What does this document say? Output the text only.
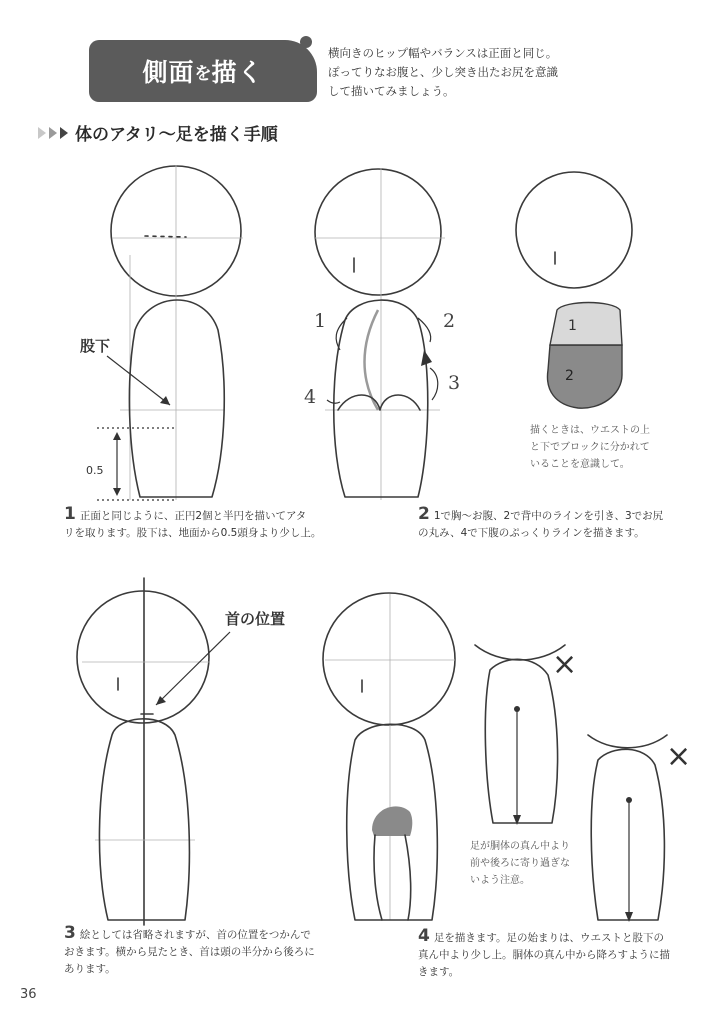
側面 を 描く
横向きのヒップ幅やバランスは正面と同じ。
ぽってりなお腹と、少し突き出たお尻を意識
して描いてみましょう。
体のアタリ～足を描く手順
股下
0.5
1	2
3
4
1
2
描くときは、ウエストの上
と下でブロックに分かれて
いることを意識して。
首の位置
×
×
足が胴体の真ん中より
前や後ろに寄り過ぎな
いよう注意。
1 正面と同じように、正円2個と半円を描いてアタ
リを取ります。股下は、地面から0.5頭身より少し上。
2 1で胸～お腹、2で背中のラインを引き、3でお尻
の丸み、4で下腹のぷっくりラインを描きます。
3 絵としては省略されますが、首の位置をつかんで
おきます。横から見たとき、首は頭の半分から後ろに
あります。
4 足を描きます。足の始まりは、ウエストと股下の
真ん中より少し上。胴体の真ん中から降ろすように描
きます。
36
